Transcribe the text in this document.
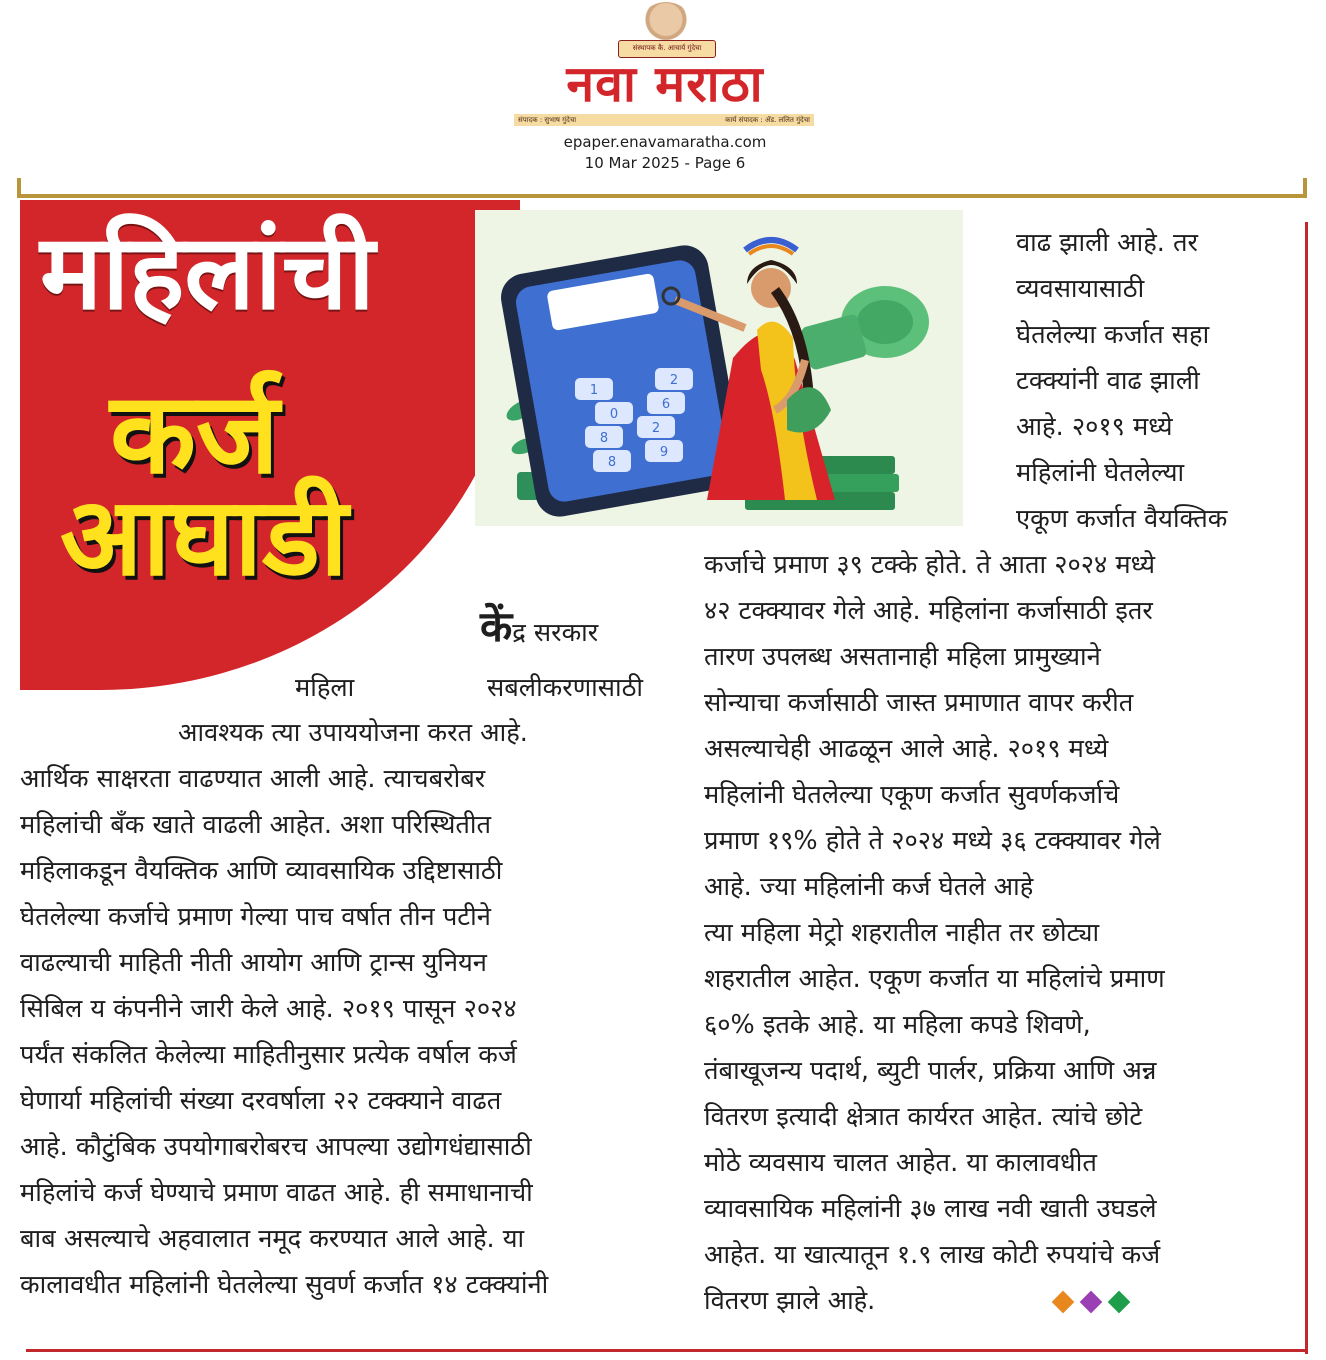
संस्थापक कै. आचार्य गुंदेचा
नवा मराठा
संपादक : सुभाष गुंदेचा	कार्य संपादक : ॲड. ललित गुंदेचा
epaper.enavamaratha.com
10 Mar 2025 - Page 6
महिलांची
कर्ज
आघाडी
1
2
0
6
8
2
8
9
केंद्र सरकार
महिला	सबलीकरणासाठी
आवश्यक त्या उपाययोजना करत आहे.
आर्थिक साक्षरता वाढण्यात आली आहे. त्याचबरोबर
महिलांची बँक खाते वाढली आहेत. अशा परिस्थितीत
महिलाकडून वैयक्तिक आणि व्यावसायिक उद्दिष्टासाठी
घेतलेल्या कर्जाचे प्रमाण गेल्या पाच वर्षात तीन पटीने
वाढल्याची माहिती नीती आयोग आणि ट्रान्स युनियन
सिबिल य कंपनीने जारी केले आहे. २०१९ पासून २०२४
पर्यंत संकलित केलेल्या माहितीनुसार प्रत्येक वर्षाल कर्ज
घेणार्या महिलांची संख्या दरवर्षाला २२ टक्क्याने वाढत
आहे. कौटुंबिक उपयोगाबरोबरच आपल्या उद्योगधंद्यासाठी
महिलांचे कर्ज घेण्याचे प्रमाण वाढत आहे. ही समाधानाची
बाब असल्याचे अहवालात नमूद करण्यात आले आहे. या
कालावधीत महिलांनी घेतलेल्या सुवर्ण कर्जात १४ टक्क्यांनी
वाढ झाली आहे. तर
व्यवसायासाठी
घेतलेल्या कर्जात सहा
टक्क्यांनी वाढ झाली
आहे. २०१९ मध्ये
महिलांनी घेतलेल्या
एकूण कर्जात वैयक्तिक
कर्जाचे प्रमाण ३९ टक्के होते. ते आता २०२४ मध्ये
४२ टक्क्यावर गेले आहे. महिलांना कर्जासाठी इतर
तारण उपलब्ध असतानाही महिला प्रामुख्याने
सोन्याचा कर्जासाठी जास्त प्रमाणात वापर करीत
असल्याचेही आढळून आले आहे. २०१९ मध्ये
महिलांनी घेतलेल्या एकूण कर्जात सुवर्णकर्जाचे
प्रमाण १९% होते ते २०२४ मध्ये ३६ टक्क्यावर गेले
आहे. ज्या महिलांनी कर्ज घेतले आहे
त्या महिला मेट्रो शहरातील नाहीत तर छोट्या
शहरातील आहेत. एकूण कर्जात या महिलांचे प्रमाण
६०% इतके आहे. या महिला कपडे शिवणे,
तंबाखूजन्य पदार्थ, ब्युटी पार्लर, प्रक्रिया आणि अन्न
वितरण इत्यादी क्षेत्रात कार्यरत आहेत. त्यांचे छोटे
मोठे व्यवसाय चालत आहेत. या कालावधीत
व्यावसायिक महिलांनी ३७ लाख नवी खाती उघडले
आहेत. या खात्यातून १.९ लाख कोटी रुपयांचे कर्ज
वितरण झाले आहे.
